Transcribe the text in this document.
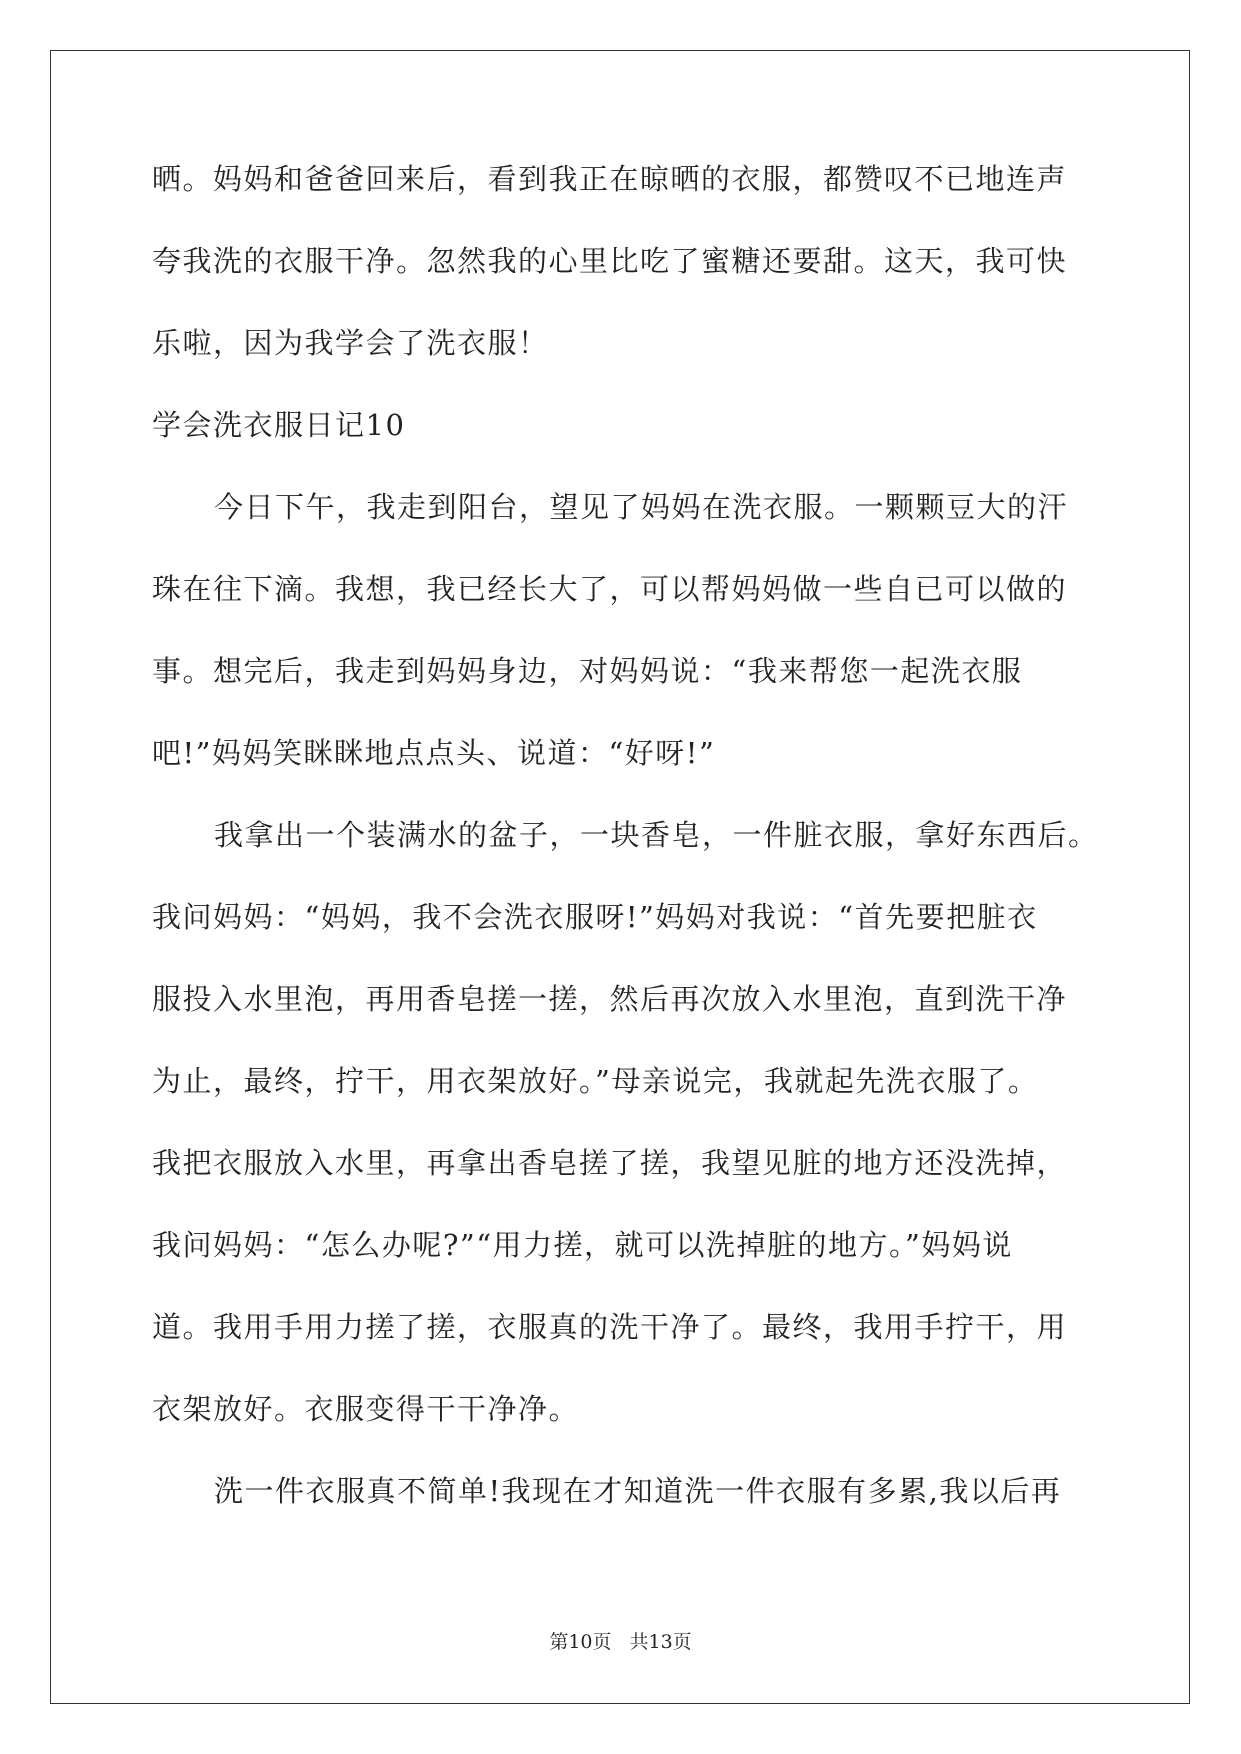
晒。妈妈和爸爸回来后，看到我正在晾晒的衣服，都赞叹不已地连声
夸我洗的衣服干净。忽然我的心里比吃了蜜糖还要甜。这天，我可快
乐啦，因为我学会了洗衣服！
学会洗衣服日记10
今日下午，我走到阳台，望见了妈妈在洗衣服。一颗颗豆大的汗
珠在往下滴。我想，我已经长大了，可以帮妈妈做一些自已可以做的
事。想完后，我走到妈妈身边，对妈妈说：“我来帮您一起洗衣服
吧!”妈妈笑眯眯地点点头、说道：“好呀!”
我拿出一个装满水的盆子，一块香皂，一件脏衣服，拿好东西后。
我问妈妈：“妈妈，我不会洗衣服呀!”妈妈对我说：“首先要把脏衣
服投入水里泡，再用香皂搓一搓，然后再次放入水里泡，直到洗干净
为止，最终，拧干，用衣架放好。”母亲说完，我就起先洗衣服了。
我把衣服放入水里，再拿出香皂搓了搓，我望见脏的地方还没洗掉，
我问妈妈：“怎么办呢?”“用力搓，就可以洗掉脏的地方。”妈妈说
道。我用手用力搓了搓，衣服真的洗干净了。最终，我用手拧干，用
衣架放好。衣服变得干干净净。
洗一件衣服真不简单!我现在才知道洗一件衣服有多累,我以后再
第10页 共13页
